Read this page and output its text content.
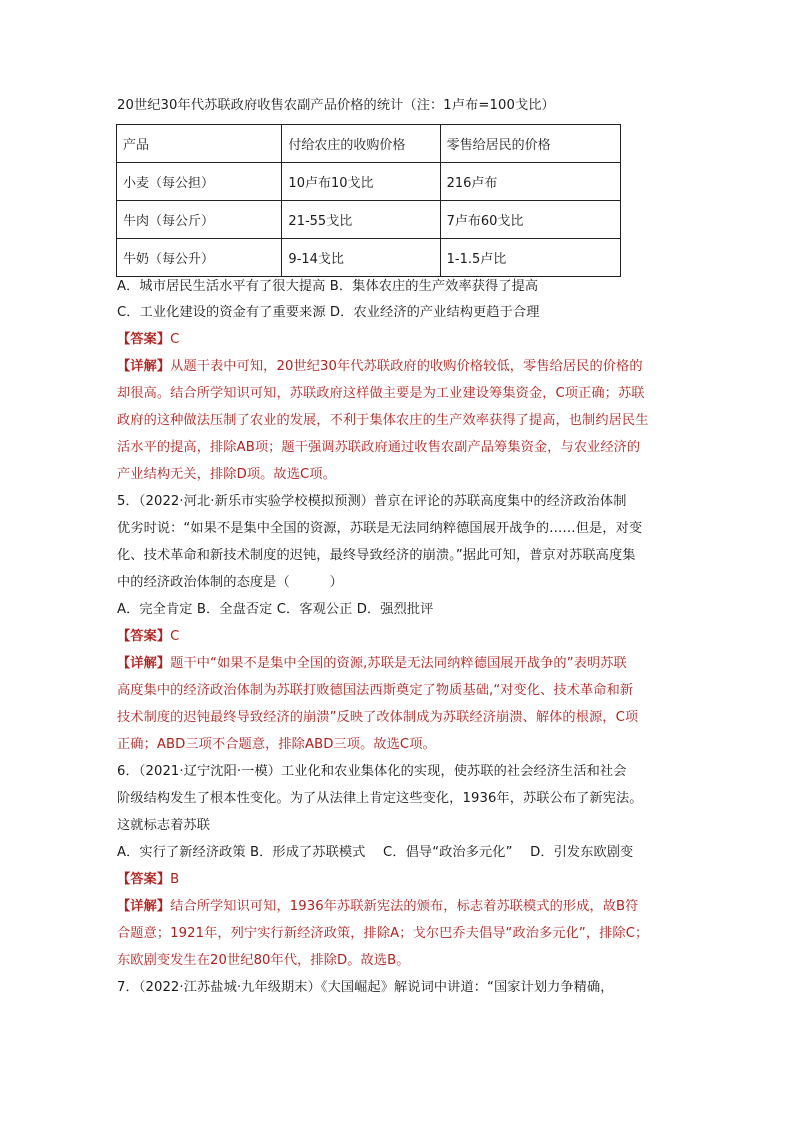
20世纪30年代苏联政府收售农副产品价格的统计（注：1卢布=100戈比）
产品	付给农庄的收购价格	零售给居民的价格
小麦（每公担）	10卢布10戈比	216卢布
牛肉（每公斤）	21-55戈比	7卢布60戈比
牛奶（每公升）	9-14戈比	1-1.5卢比
A．城市居民生活水平有了很大提高 B．集体农庄的生产效率获得了提高
C．工业化建设的资金有了重要来源 D．农业经济的产业结构更趋于合理
【答案】C
【详解】从题干表中可知，20世纪30年代苏联政府的收购价格较低，零售给居民的价格的
却很高。结合所学知识可知，苏联政府这样做主要是为工业建设筹集资金，C项正确；苏联
政府的这种做法压制了农业的发展，不利于集体农庄的生产效率获得了提高，也制约居民生
活水平的提高，排除AB项；题干强调苏联政府通过收售农副产品筹集资金，与农业经济的
产业结构无关，排除D项。故选C项。
5．（2022·河北·新乐市实验学校模拟预测）普京在评论的苏联高度集中的经济政治体制
优劣时说：“如果不是集中全国的资源，苏联是无法同纳粹德国展开战争的……但是，对变
化、技术革命和新技术制度的迟钝，最终导致经济的崩溃。”据此可知，普京对苏联高度集
中的经济政治体制的态度是（　　　）
A．完全肯定 B．全盘否定 C．客观公正 D．强烈批评
【答案】C
【详解】题干中“如果不是集中全国的资源,苏联是无法同纳粹德国展开战争的”表明苏联
高度集中的经济政治体制为苏联打败德国法西斯奠定了物质基础,“对变化、技术革命和新
技术制度的迟钝最终导致经济的崩溃”反映了改体制成为苏联经济崩溃、解体的根源，C项
正确；ABD三项不合题意，排除ABD三项。故选C项。
6．（2021·辽宁沈阳·一模）工业化和农业集体化的实现，使苏联的社会经济生活和社会
阶级结构发生了根本性变化。为了从法律上肯定这些变化，1936年，苏联公布了新宪法。
这就标志着苏联
A．实行了新经济政策 B．形成了苏联模式　 C．倡导“政治多元化”　 D．引发东欧剧变
【答案】B
【详解】结合所学知识可知，1936年苏联新宪法的颁布，标志着苏联模式的形成，故B符
合题意；1921年，列宁实行新经济政策，排除A；戈尔巴乔夫倡导“政治多元化”，排除C；
东欧剧变发生在20世纪80年代，排除D。故选B。
7．（2022·江苏盐城·九年级期末）《大国崛起》解说词中讲道：“国家计划力争精确，
